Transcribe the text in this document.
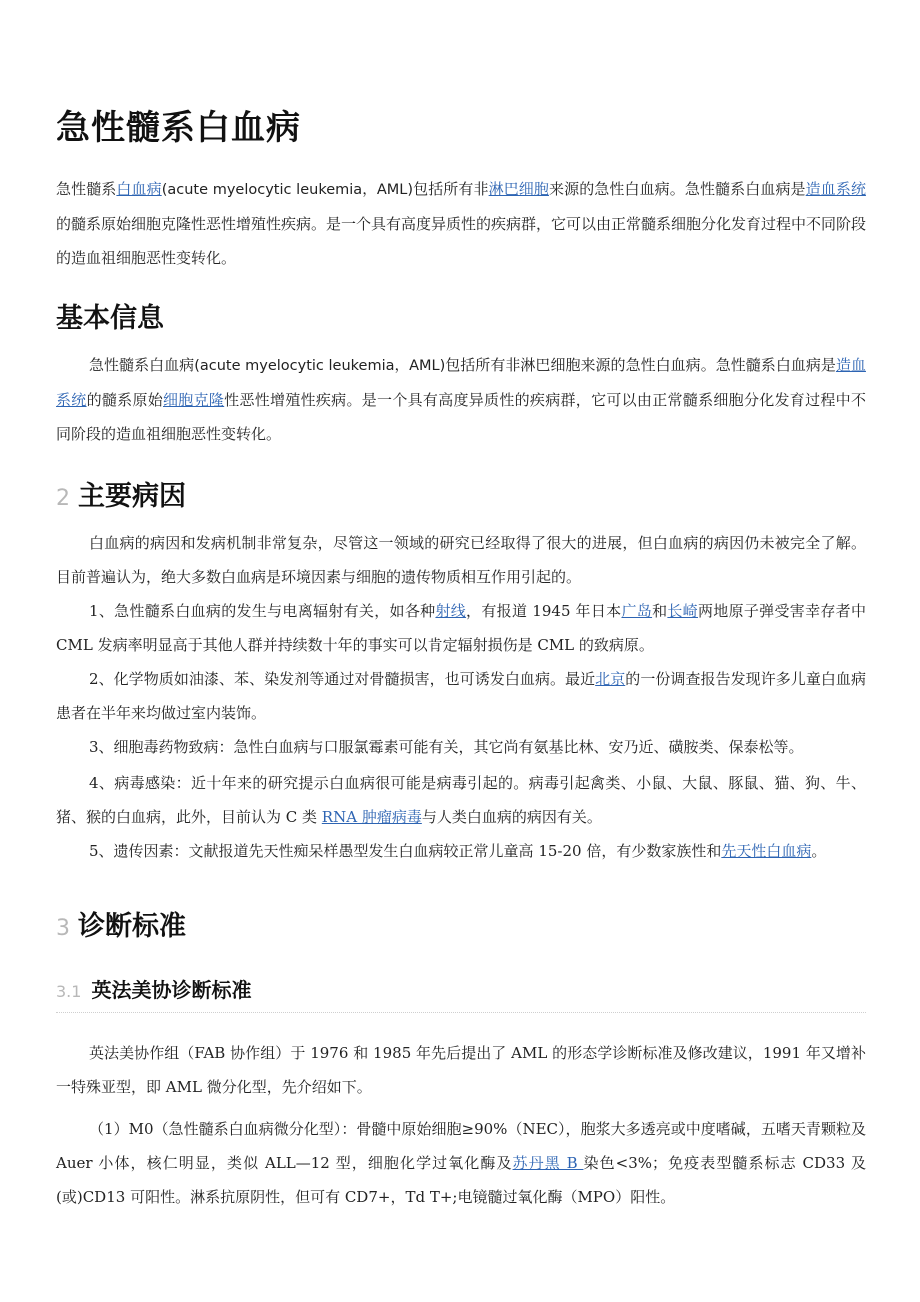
急性髓系白血病

急性髓系白血病(acute myelocytic leukemia，AML)包括所有非淋巴细胞来源的急性白血病。急性髓系白血病是造血系统的髓系原始细胞克隆性恶性增殖性疾病。是一个具有高度异质性的疾病群，它可以由正常髓系细胞分化发育过程中不同阶段的造血祖细胞恶性变转化。

基本信息

急性髓系白血病(acute myelocytic leukemia，AML)包括所有非淋巴细胞来源的急性白血病。急性髓系白血病是造血系统的髓系原始细胞克隆性恶性增殖性疾病。是一个具有高度异质性的疾病群，它可以由正常髓系细胞分化发育过程中不同阶段的造血祖细胞恶性变转化。

2 主要病因

白血病的病因和发病机制非常复杂，尽管这一领域的研究已经取得了很大的进展，但白血病的病因仍未被完全了解。目前普遍认为，绝大多数白血病是环境因素与细胞的遗传物质相互作用引起的。

1、急性髓系白血病的发生与电离辐射有关，如各种射线，有报道 1945 年日本广岛和长崎两地原子弹受害幸存者中 CML 发病率明显高于其他人群并持续数十年的事实可以肯定辐射损伤是 CML 的致病原。

2、化学物质如油漆、苯、染发剂等通过对骨髓损害，也可诱发白血病。最近北京的一份调查报告发现许多儿童白血病患者在半年来均做过室内装饰。

3、细胞毒药物致病：急性白血病与口服氯霉素可能有关，其它尚有氨基比林、安乃近、磺胺类、保泰松等。

4、病毒感染：近十年来的研究提示白血病很可能是病毒引起的。病毒引起禽类、小鼠、大鼠、豚鼠、猫、狗、牛、猪、猴的白血病，此外，目前认为 C 类 RNA 肿瘤病毒与人类白血病的病因有关。

5、遗传因素：文献报道先天性痴呆样愚型发生白血病较正常儿童高 15-20 倍，有少数家族性和先天性白血病。

3 诊断标准
3.1 英法美协诊断标准

英法美协作组（FAB 协作组）于 1976 和 1985 年先后提出了 AML 的形态学诊断标准及修改建议，1991 年又增补一特殊亚型，即 AML 微分化型，先介绍如下。

（1）M0（急性髓系白血病微分化型）：骨髓中原始细胞≥90%（NEC），胞浆大多透亮或中度嗜碱，五嗜天青颗粒及 Auer 小体，核仁明显，类似 ALL—12 型，细胞化学过氧化酶及苏丹黑 B 染色<3%；免疫表型髓系标志 CD33 及(或)CD13 可阳性。淋系抗原阴性，但可有 CD7+，Td T+;电镜髓过氧化酶（MPO）阳性。
